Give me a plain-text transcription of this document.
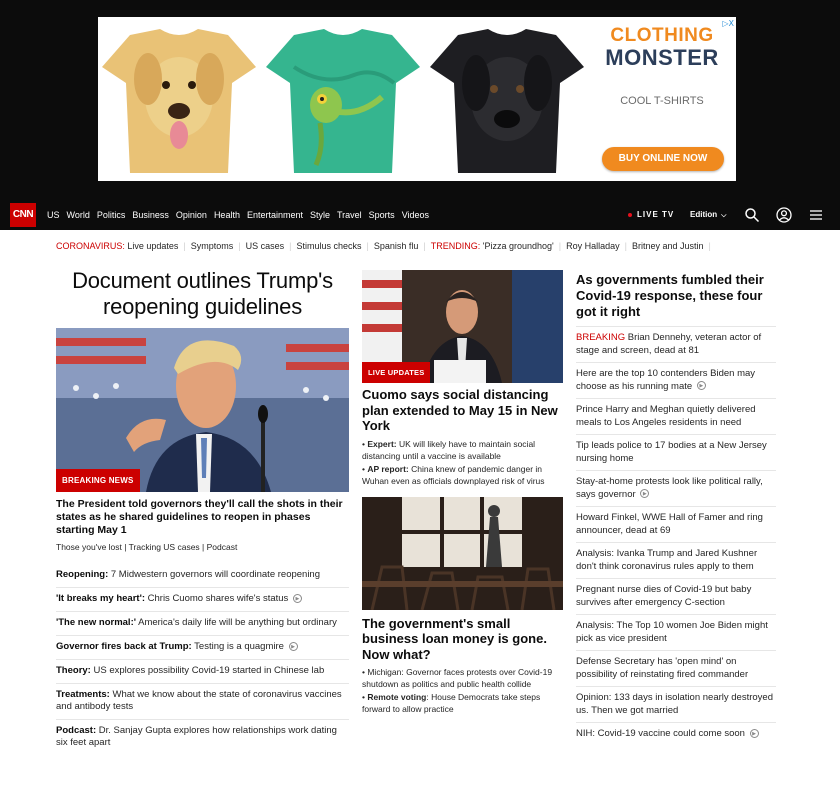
▷X
CLOTHING
MONSTER
COOL T-SHIRTS
BUY ONLINE NOW
CNN	US World Politics Business Opinion Health Entertainment Style Travel Sports Videos	LIVE TV Edition ⌵
CORONAVIRUS:
Live updates | Symptoms | US cases | Stimulus checks | Spanish flu | TRENDING:
'Pizza groundhog' | Roy Halladay | Britney and Justin |
Document outlines Trump's reopening guidelines
BREAKING NEWS
The President told governors they'll call the shots in their states as he shared guidelines to reopen in phases starting May 1
Those you've lost | Tracking US cases | Podcast
Reopening: 7 Midwestern governors will coordinate reopening
'It breaks my heart': Chris Cuomo shares wife's status ▶
'The new normal:' America's daily life will be anything but ordinary
Governor fires back at Trump: Testing is a quagmire ▶
Theory: US explores possibility Covid-19 started in Chinese lab
Treatments: What we know about the state of coronavirus vaccines and antibody tests
Podcast: Dr. Sanjay Gupta explores how relationships work dating six feet apart
LIVE UPDATES
Cuomo says social distancing plan extended to May 15 in New York
• Expert: UK will likely have to maintain social distancing until a vaccine is available
• AP report: China knew of pandemic danger in Wuhan even as officials downplayed risk of virus
The government's small business loan money is gone. Now what?
• Michigan: Governor faces protests over Covid-19 shutdown as politics and public health collide
• Remote voting: House Democrats take steps forward to allow practice
As governments fumbled their Covid-19 response, these four got it right
BREAKING Brian Dennehy, veteran actor of stage and screen, dead at 81
Here are the top 10 contenders Biden may choose as his running mate ▶
Prince Harry and Meghan quietly delivered meals to Los Angeles residents in need
Tip leads police to 17 bodies at a New Jersey nursing home
Stay-at-home protests look like political rally, says governor ▶
Howard Finkel, WWE Hall of Famer and ring announcer, dead at 69
Analysis: Ivanka Trump and Jared Kushner don't think coronavirus rules apply to them
Pregnant nurse dies of Covid-19 but baby survives after emergency C-section
Analysis: The Top 10 women Joe Biden might pick as vice president
Defense Secretary has 'open mind' on possibility of reinstating fired commander
Opinion: 133 days in isolation nearly destroyed us. Then we got married
NIH: Covid-19 vaccine could come soon ▶
